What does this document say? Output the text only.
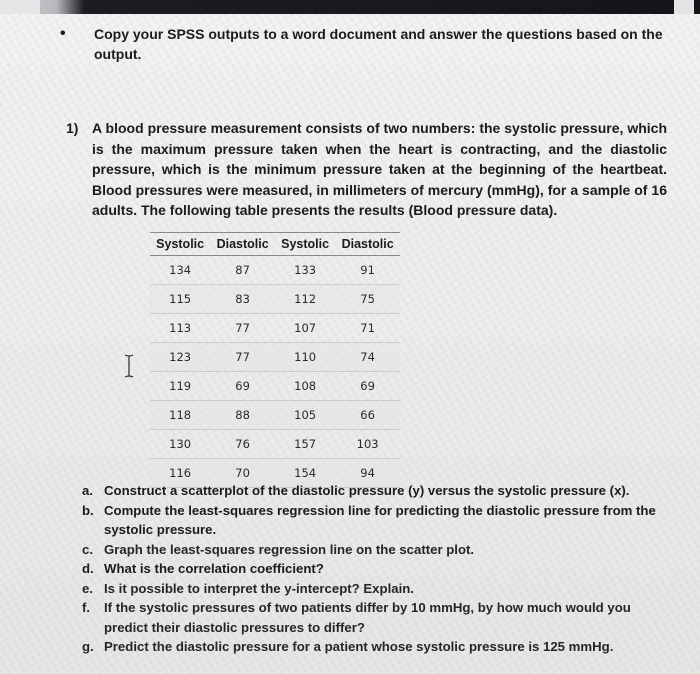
• Copy your SPSS outputs to a word document and answer the questions based on the output.
1) A blood pressure measurement consists of two numbers: the systolic pressure, which is the maximum pressure taken when the heart is contracting, and the diastolic pressure, which is the minimum pressure taken at the beginning of the heartbeat. Blood pressures were measured, in millimeters of mercury (mmHg), for a sample of 16 adults. The following table presents the results (Blood pressure data).
Systolic	Diastolic	Systolic	Diastolic
134	87	133	91
115	83	112	75
113	77	107	71
123	77	110	74
119	69	108	69
118	88	105	66
130	76	157	103
116	70	154	94
a. Construct a scatterplot of the diastolic pressure (y) versus the systolic pressure (x).
b. Compute the least-squares regression line for predicting the diastolic pressure from the systolic pressure.
c. Graph the least-squares regression line on the scatter plot.
d. What is the correlation coefficient?
e. Is it possible to interpret the y-intercept? Explain.
f.	If the systolic pressures of two patients differ by 10 mmHg, by how much would you predict their diastolic pressures to differ?
g. Predict the diastolic pressure for a patient whose systolic pressure is 125 mmHg.
